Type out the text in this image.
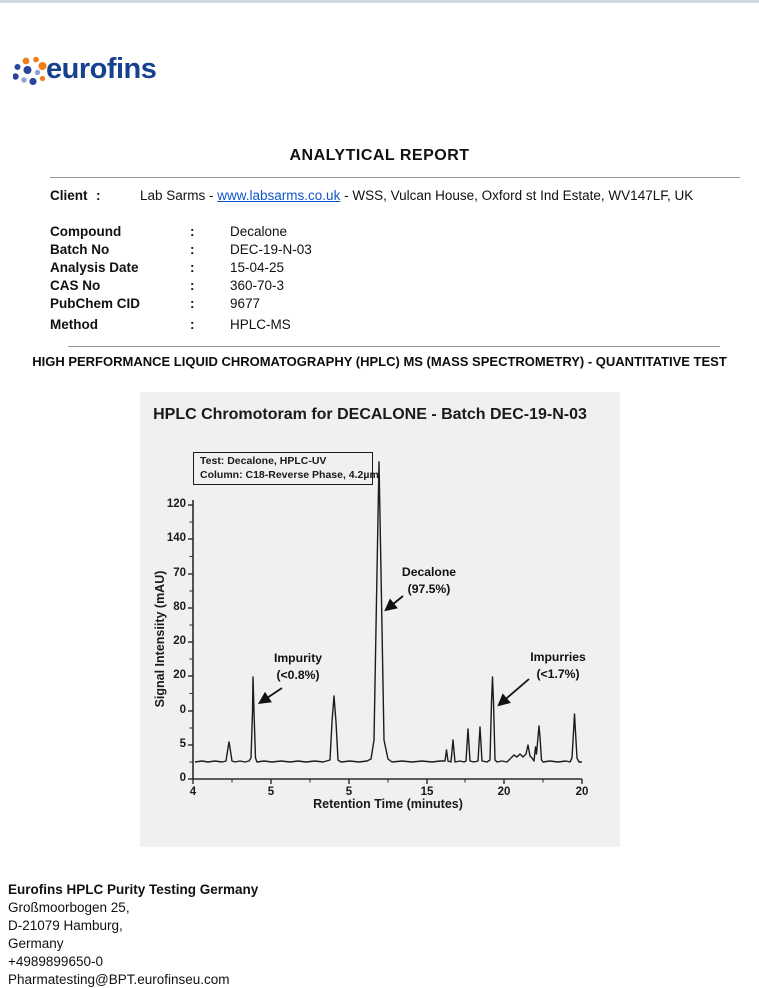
eurofins
ANALYTICAL REPORT
Client :	Lab Sarms - www.labsarms.co.uk - WSS, Vulcan House, Oxford st Ind Estate, WV147LF, UK
Compound	:	Decalone
Batch No	:	DEC-19-N-03
Analysis Date	:	15-04-25
CAS No	:	360-70-3
PubChem CID	:	9677
Method	:	HPLC-MS
HIGH PERFORMANCE LIQUID CHROMATOGRAPHY (HPLC) MS (MASS SPECTROMETRY) - QUANTITATIVE TEST
HPLC Chromotoram for DECALONE - Batch DEC-19-N-03
Test: Decalone, HPLC-UV
Column: C18-Reverse Phase, 4.2µm
Signal Intensiity (mAU)
120
140
70
80
20
20
0
5
0
4	5	5	15	20	20
Retention Time (minutes)
Impurity
(<0.8%)
Decalone
(97.5%)
Impurries
(<1.7%)
Eurofins HPLC Purity Testing Germany
Großmoorbogen 25,
D-21079 Hamburg,
Germany
+4989899650-0
Pharmatesting@BPT.eurofinseu.com
